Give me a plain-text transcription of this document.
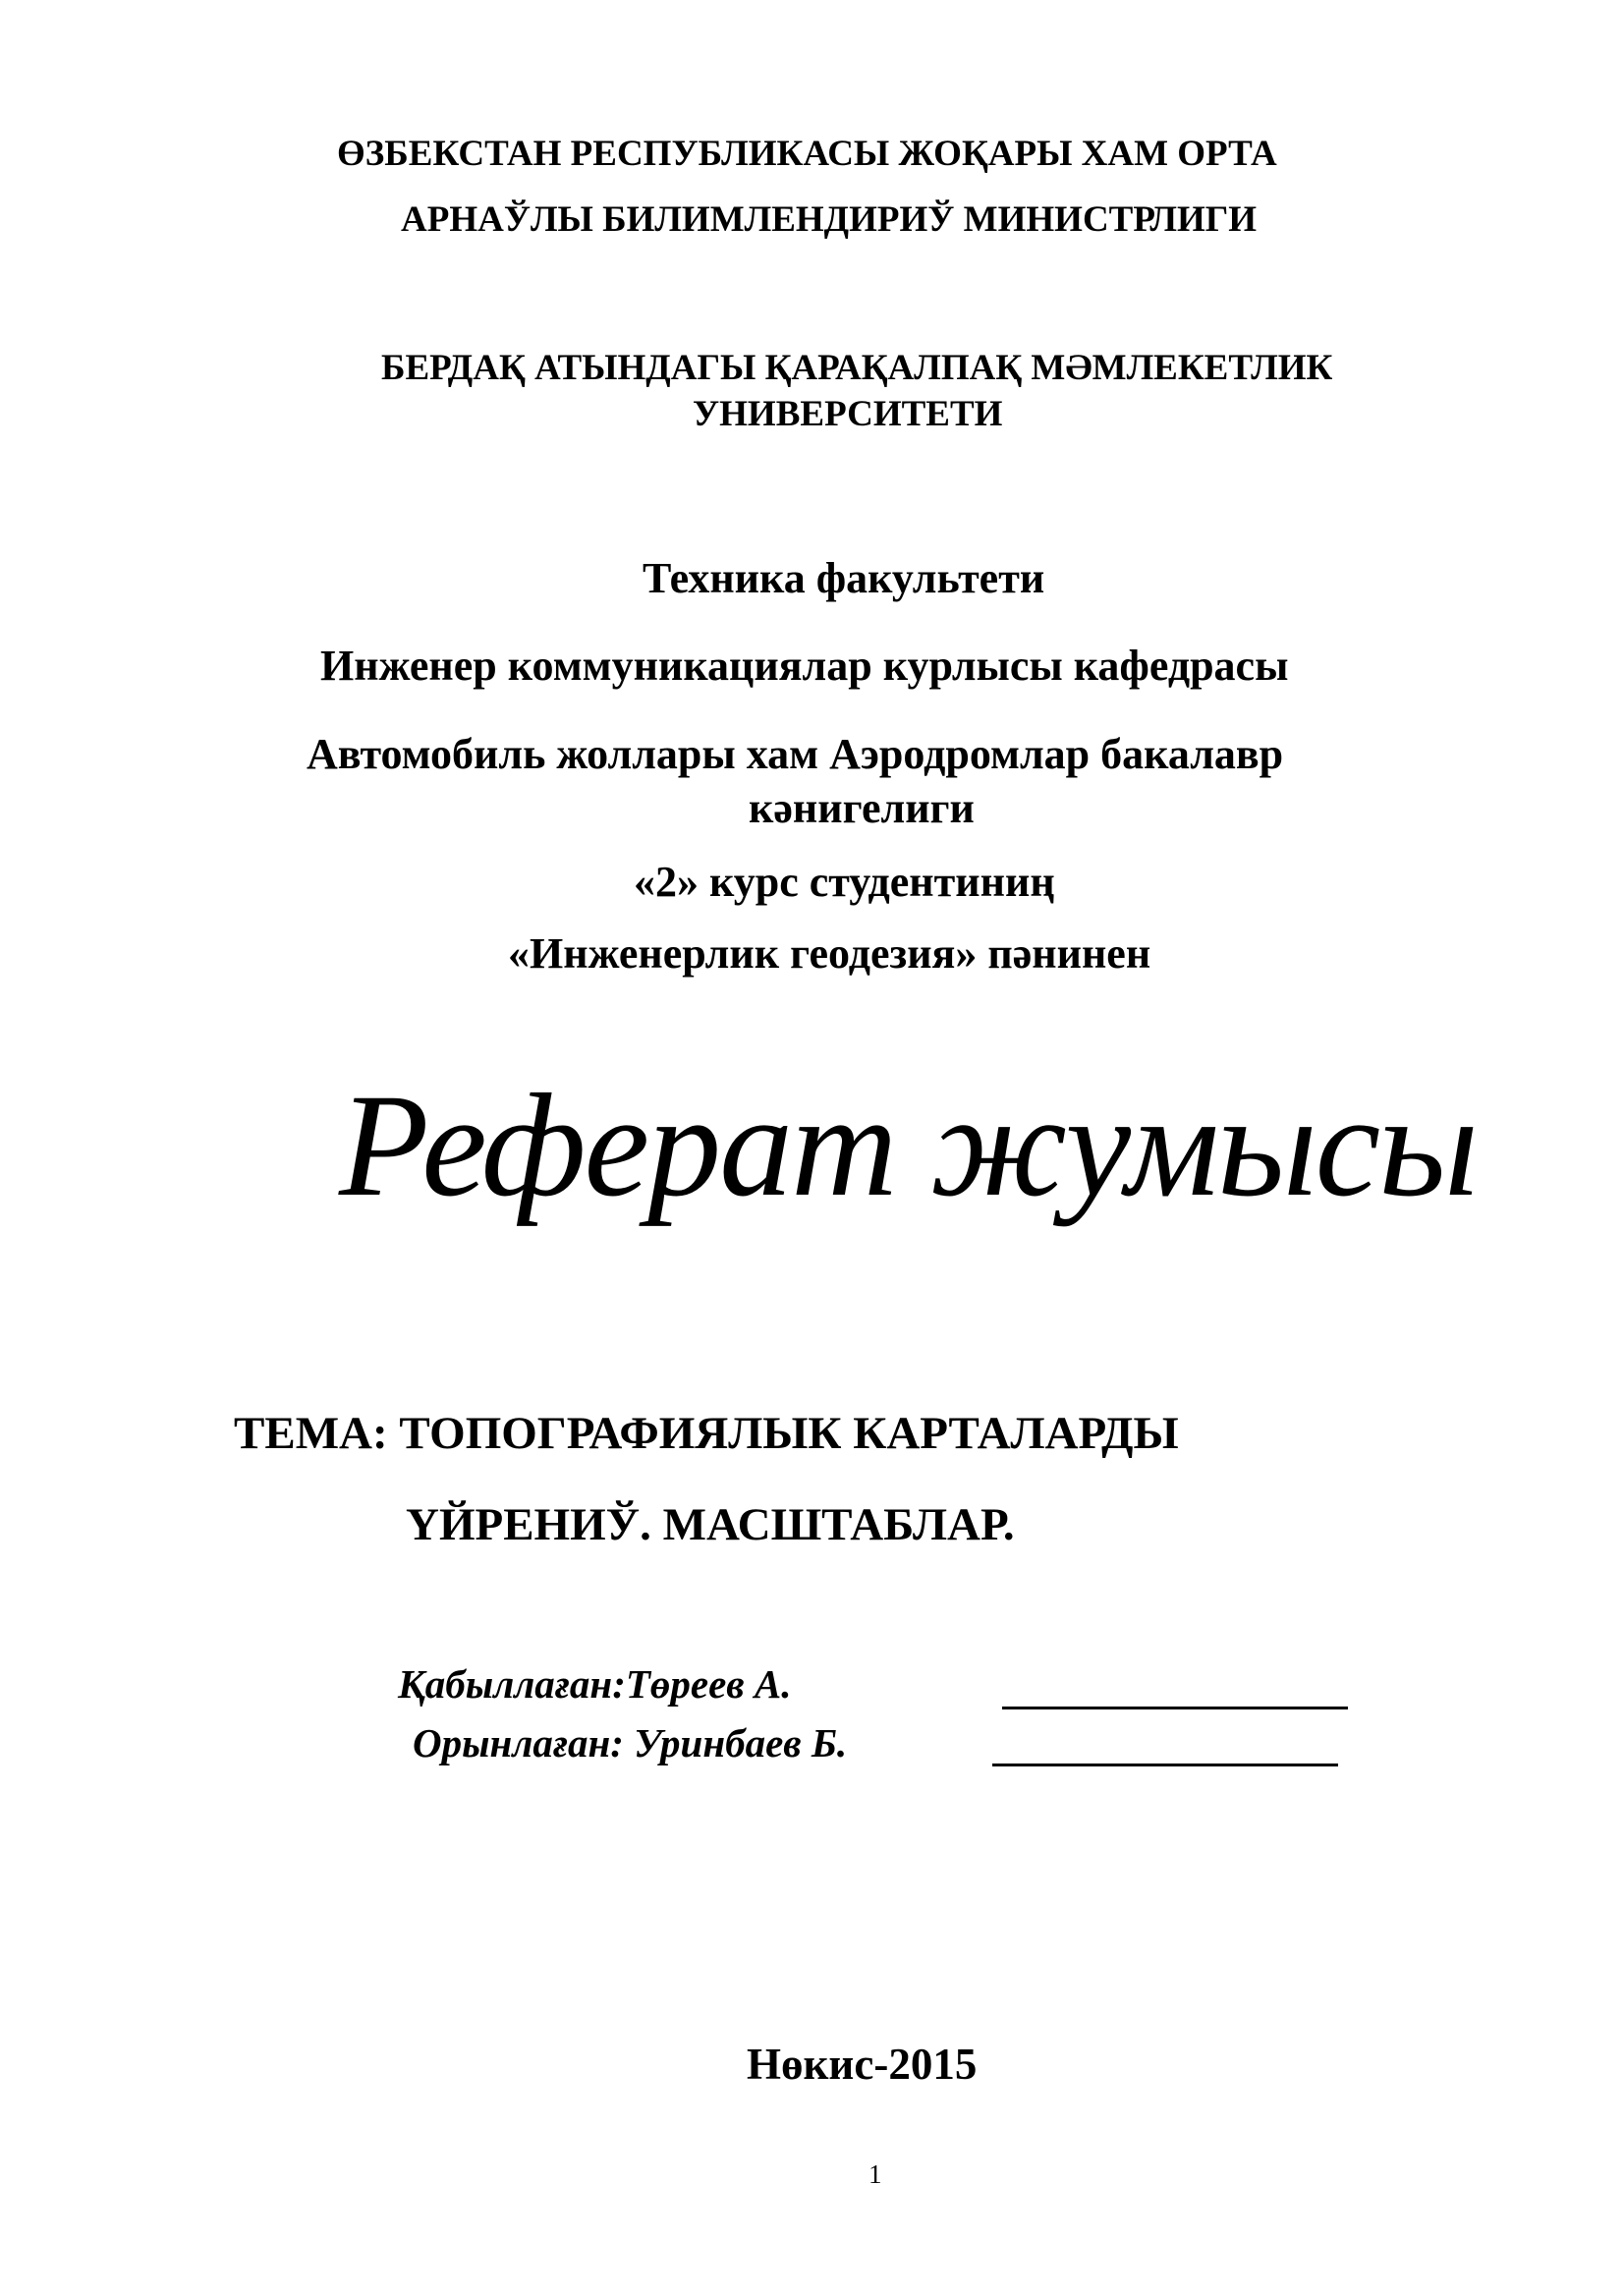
ӨЗБЕКСТАН РЕСПУБЛИКАСЫ ЖОҚАРЫ ХАМ ОРТА
АРНАЎЛЫ БИЛИМЛЕНДИРИЎ МИНИСТРЛИГИ
БЕРДАҚ АТЫНДАГЫ ҚАРАҚАЛПАҚ МӘМЛЕКЕТЛИК
УНИВЕРСИТЕТИ
Техника факультети
Инженер коммуникациялар курлысы кафедрасы
Автомобиль жоллары хам Аэродромлар бакалавр
кәнигелиги
«2» курс студентиниң
«Инженерлик геодезия» пәнинен
Реферат жумысы
ТЕМА: ТОПОГРАФИЯЛЫК КАРТАЛАРДЫ
ҮЙРЕНИЎ. МАСШТАБЛАР.
Қабыллаған:Төреев А.
Орынлаған: Уринбаев Б.
Нөкис-2015
1
